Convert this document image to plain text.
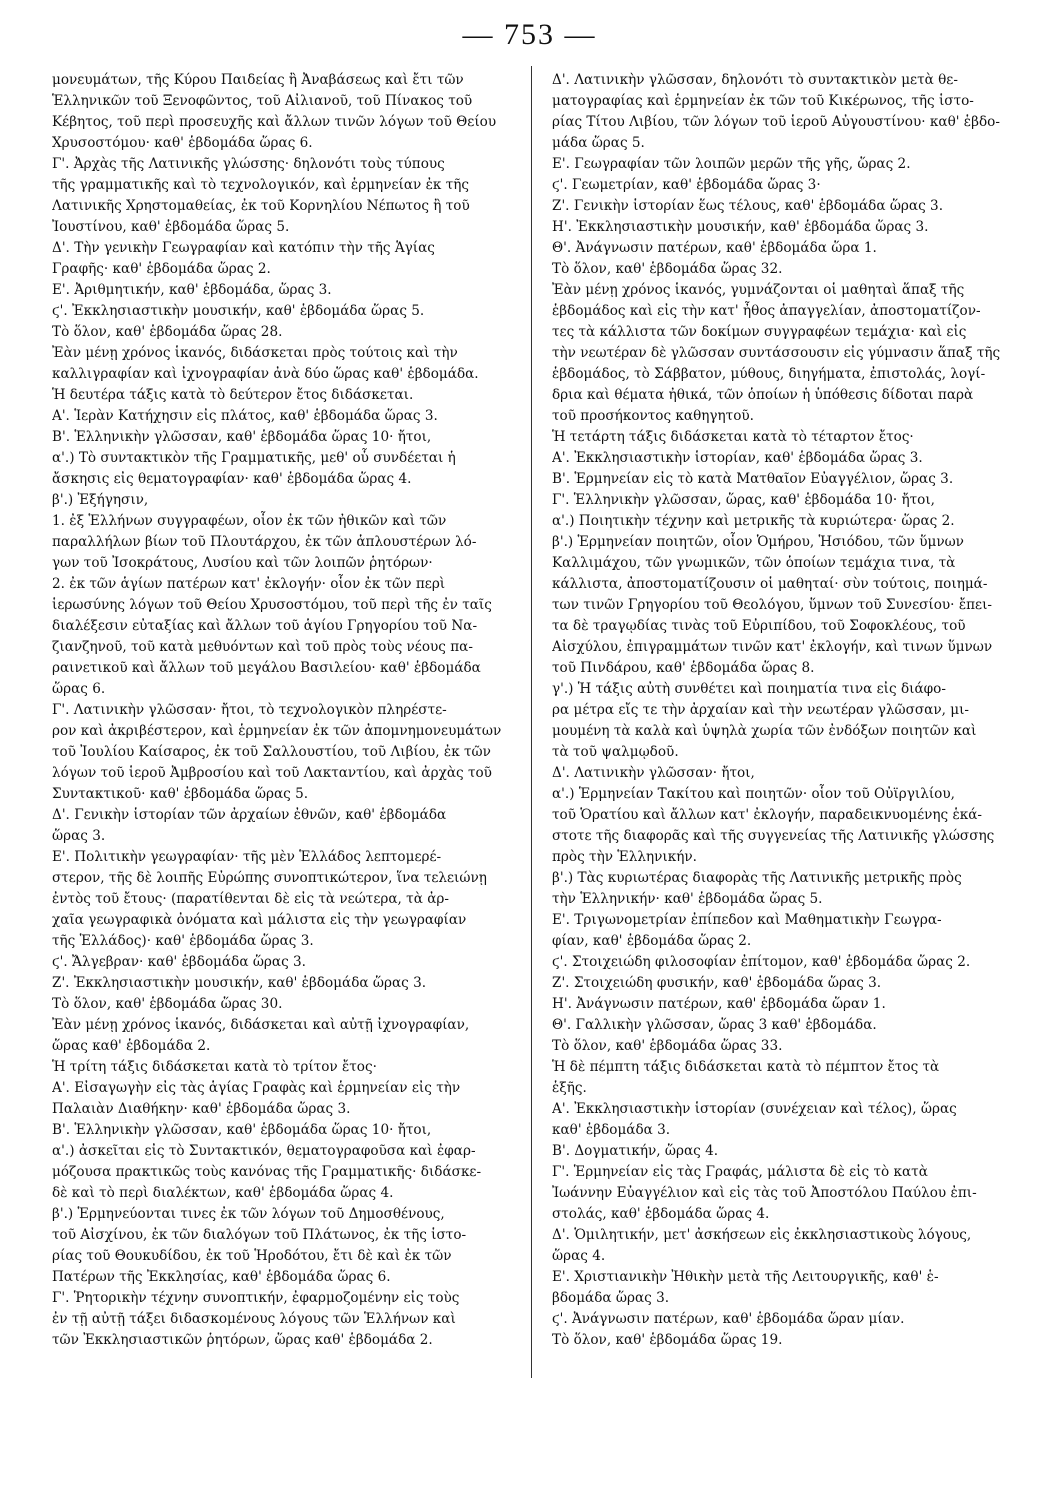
— 753 —
μονευμάτων, τῆς Κύρου Παιδείας ἢ Ἀναβάσεως καὶ ἔτι τῶν
Ἑλληνικῶν τοῦ Ξενοφῶντος, τοῦ Αἰλιανοῦ, τοῦ Πίνακος τοῦ
Κέβητος, τοῦ περὶ προσευχῆς καὶ ἄλλων τινῶν λόγων τοῦ Θείου
Χρυσοστόμου· καθ' ἑβδομάδα ὥρας 6.
Γ'. Ἀρχὰς τῆς Λατινικῆς γλώσσης· δηλονότι τοὺς τύπους
τῆς γραμματικῆς καὶ τὸ τεχνολογικόν, καὶ ἑρμηνείαν ἐκ τῆς
Λατινικῆς Χρηστομαθείας, ἐκ τοῦ Κορνηλίου Νέπωτος ἢ τοῦ
Ἰουστίνου, καθ' ἑβδομάδα ὥρας 5.
Δ'. Τὴν γενικὴν Γεωγραφίαν καὶ κατόπιν τὴν τῆς Ἁγίας
Γραφῆς· καθ' ἑβδομάδα ὥρας 2.
Ε'. Ἀριθμητικήν, καθ' ἑβδομάδα, ὥρας 3.
ϛ'. Ἐκκλησιαστικὴν μουσικήν, καθ' ἑβδομάδα ὥρας 5.
Τὸ ὅλον, καθ' ἑβδομάδα ὥρας 28.
Ἐὰν μένῃ χρόνος ἱκανός, διδάσκεται πρὸς τούτοις καὶ τὴν
καλλιγραφίαν καὶ ἰχνογραφίαν ἀνὰ δύο ὥρας καθ' ἑβδομάδα.
Ἡ δευτέρα τάξις κατὰ τὸ δεύτερον ἔτος διδάσκεται.
Α'. Ἱερὰν Κατήχησιν εἰς πλάτος, καθ' ἑβδομάδα ὥρας 3.
Β'. Ἑλληνικὴν γλῶσσαν, καθ' ἑβδομάδα ὥρας 10· ἤτοι,
α'.) Τὸ συντακτικὸν τῆς Γραμματικῆς, μεθ' οὗ συνδέεται ἡ
ἄσκησις εἰς θεματογραφίαν· καθ' ἑβδομάδα ὥρας 4.
β'.) Ἐξήγησιν,
1. ἐξ Ἑλλήνων συγγραφέων, οἷον ἐκ τῶν ἠθικῶν καὶ τῶν
παραλλήλων βίων τοῦ Πλουτάρχου, ἐκ τῶν ἁπλουστέρων λό-
γων τοῦ Ἰσοκράτους, Λυσίου καὶ τῶν λοιπῶν ῥητόρων·
2. ἐκ τῶν ἁγίων πατέρων κατ' ἐκλογήν· οἷον ἐκ τῶν περὶ
ἱερωσύνης λόγων τοῦ Θείου Χρυσοστόμου, τοῦ περὶ τῆς ἐν ταῖς
διαλέξεσιν εὐταξίας καὶ ἄλλων τοῦ ἁγίου Γρηγορίου τοῦ Να-
ζιανζηνοῦ, τοῦ κατὰ μεθυόντων καὶ τοῦ πρὸς τοὺς νέους πα-
ραινετικοῦ καὶ ἄλλων τοῦ μεγάλου Βασιλείου· καθ' ἑβδομάδα
ὥρας 6.
Γ'. Λατινικὴν γλῶσσαν· ἤτοι, τὸ τεχνολογικὸν πληρέστε-
ρον καὶ ἀκριβέστερον, καὶ ἑρμηνείαν ἐκ τῶν ἀπομνημονευμάτων
τοῦ Ἰουλίου Καίσαρος, ἐκ τοῦ Σαλλουστίου, τοῦ Λιβίου, ἐκ τῶν
λόγων τοῦ ἱεροῦ Ἀμβροσίου καὶ τοῦ Λακταντίου, καὶ ἀρχὰς τοῦ
Συντακτικοῦ· καθ' ἑβδομάδα ὥρας 5.
Δ'. Γενικὴν ἱστορίαν τῶν ἀρχαίων ἐθνῶν, καθ' ἑβδομάδα
ὥρας 3.
Ε'. Πολιτικὴν γεωγραφίαν· τῆς μὲν Ἑλλάδος λεπτομερέ-
στερον, τῆς δὲ λοιπῆς Εὐρώπης συνοπτικώτερον, ἵνα τελειώνῃ
ἐντὸς τοῦ ἔτους· (παρατίθενται δὲ εἰς τὰ νεώτερα, τὰ ἀρ-
χαῖα γεωγραφικὰ ὀνόματα καὶ μάλιστα εἰς τὴν γεωγραφίαν
τῆς Ἑλλάδος)· καθ' ἑβδομάδα ὥρας 3.
ϛ'. Ἄλγεβραν· καθ' ἑβδομάδα ὥρας 3.
Ζ'. Ἐκκλησιαστικὴν μουσικήν, καθ' ἑβδομάδα ὥρας 3.
Τὸ ὅλον, καθ' ἑβδομάδα ὥρας 30.
Ἐὰν μένῃ χρόνος ἱκανός, διδάσκεται καὶ αὐτῇ ἰχνογραφίαν,
ὥρας καθ' ἑβδομάδα 2.
Ἡ τρίτη τάξις διδάσκεται κατὰ τὸ τρίτον ἔτος·
Α'. Εἰσαγωγὴν εἰς τὰς ἁγίας Γραφὰς καὶ ἑρμηνείαν εἰς τὴν
Παλαιὰν Διαθήκην· καθ' ἑβδομάδα ὥρας 3.
Β'. Ἑλληνικὴν γλῶσσαν, καθ' ἑβδομάδα ὥρας 10· ἤτοι,
α'.) ἀσκεῖται εἰς τὸ Συντακτικόν, θεματογραφοῦσα καὶ ἐφαρ-
μόζουσα πρακτικῶς τοὺς κανόνας τῆς Γραμματικῆς· διδάσκε-
δὲ καὶ τὸ περὶ διαλέκτων, καθ' ἑβδομάδα ὥρας 4.
β'.) Ἑρμηνεύονται τινες ἐκ τῶν λόγων τοῦ Δημοσθένους,
τοῦ Αἰσχίνου, ἐκ τῶν διαλόγων τοῦ Πλάτωνος, ἐκ τῆς ἱστο-
ρίας τοῦ Θουκυδίδου, ἐκ τοῦ Ἡροδότου, ἔτι δὲ καὶ ἐκ τῶν
Πατέρων τῆς Ἐκκλησίας, καθ' ἑβδομάδα ὥρας 6.
Γ'. Ῥητορικὴν τέχνην συνοπτικήν, ἐφαρμοζομένην εἰς τοὺς
ἐν τῇ αὐτῇ τάξει διδασκομένους λόγους τῶν Ἑλλήνων καὶ
τῶν Ἐκκλησιαστικῶν ῥητόρων, ὥρας καθ' ἑβδομάδα 2.
Δ'. Λατινικὴν γλῶσσαν, δηλονότι τὸ συντακτικὸν μετὰ θε-
ματογραφίας καὶ ἑρμηνείαν ἐκ τῶν τοῦ Κικέρωνος, τῆς ἱστο-
ρίας Τίτου Λιβίου, τῶν λόγων τοῦ ἱεροῦ Αὐγουστίνου· καθ' ἑβδο-
μάδα ὥρας 5.
Ε'. Γεωγραφίαν τῶν λοιπῶν μερῶν τῆς γῆς, ὥρας 2.
ϛ'. Γεωμετρίαν, καθ' ἑβδομάδα ὥρας 3·
Ζ'. Γενικὴν ἱστορίαν ἕως τέλους, καθ' ἑβδομάδα ὥρας 3.
Η'. Ἐκκλησιαστικὴν μουσικήν, καθ' ἑβδομάδα ὥρας 3.
Θ'. Ἀνάγνωσιν πατέρων, καθ' ἑβδομάδα ὥρα 1.
Τὸ ὅλον, καθ' ἑβδομάδα ὥρας 32.
Ἐὰν μένῃ χρόνος ἱκανός, γυμνάζονται οἱ μαθηταὶ ἅπαξ τῆς
ἑβδομάδος καὶ εἰς τὴν κατ' ἦθος ἀπαγγελίαν, ἀποστοματίζον-
τες τὰ κάλλιστα τῶν δοκίμων συγγραφέων τεμάχια· καὶ εἰς
τὴν νεωτέραν δὲ γλῶσσαν συντάσσουσιν εἰς γύμνασιν ἅπαξ τῆς
ἑβδομάδος, τὸ Σάββατον, μύθους, διηγήματα, ἐπιστολάς, λογί-
δρια καὶ θέματα ἠθικά, τῶν ὁποίων ἡ ὑπόθεσις δίδοται παρὰ
τοῦ προσήκοντος καθηγητοῦ.
Ἡ τετάρτη τάξις διδάσκεται κατὰ τὸ τέταρτον ἔτος·
Α'. Ἐκκλησιαστικὴν ἱστορίαν, καθ' ἑβδομάδα ὥρας 3.
Β'. Ἑρμηνείαν εἰς τὸ κατὰ Ματθαῖον Εὐαγγέλιον, ὥρας 3.
Γ'. Ἑλληνικὴν γλῶσσαν, ὥρας, καθ' ἑβδομάδα 10· ἤτοι,
α'.) Ποιητικὴν τέχνην καὶ μετρικῆς τὰ κυριώτερα· ὥρας 2.
β'.) Ἑρμηνείαν ποιητῶν, οἷον Ὁμήρου, Ἡσιόδου, τῶν ὕμνων
Καλλιμάχου, τῶν γνωμικῶν, τῶν ὁποίων τεμάχια τινα, τὰ
κάλλιστα, ἀποστοματίζουσιν οἱ μαθηταί· σὺν τούτοις, ποιημά-
των τινῶν Γρηγορίου τοῦ Θεολόγου, ὕμνων τοῦ Συνεσίου· ἔπει-
τα δὲ τραγῳδίας τινὰς τοῦ Εὐριπίδου, τοῦ Σοφοκλέους, τοῦ
Αἰσχύλου, ἐπιγραμμάτων τινῶν κατ' ἐκλογήν, καὶ τινων ὕμνων
τοῦ Πινδάρου, καθ' ἑβδομάδα ὥρας 8.
γ'.) Ἡ τάξις αὐτὴ συνθέτει καὶ ποιηματία τινα εἰς διάφο-
ρα μέτρα εἴς τε τὴν ἀρχαίαν καὶ τὴν νεωτέραν γλῶσσαν, μι-
μουμένη τὰ καλὰ καὶ ὑψηλὰ χωρία τῶν ἐνδόξων ποιητῶν καὶ
τὰ τοῦ ψαλμῳδοῦ.
Δ'. Λατινικὴν γλῶσσαν· ἤτοι,
α'.) Ἑρμηνείαν Τακίτου καὶ ποιητῶν· οἷον τοῦ Οὐϊργιλίου,
τοῦ Ὁρατίου καὶ ἄλλων κατ' ἐκλογήν, παραδεικνυομένης ἑκά-
στοτε τῆς διαφορᾶς καὶ τῆς συγγενείας τῆς Λατινικῆς γλώσσης
πρὸς τὴν Ἑλληνικήν.
β'.) Τὰς κυριωτέρας διαφορὰς τῆς Λατινικῆς μετρικῆς πρὸς
τὴν Ἑλληνικήν· καθ' ἑβδομάδα ὥρας 5.
Ε'. Τριγωνομετρίαν ἐπίπεδον καὶ Μαθηματικὴν Γεωγρα-
φίαν, καθ' ἑβδομάδα ὥρας 2.
ϛ'. Στοιχειώδη φιλοσοφίαν ἐπίτομον, καθ' ἑβδομάδα ὥρας 2.
Ζ'. Στοιχειώδη φυσικήν, καθ' ἑβδομάδα ὥρας 3.
Η'. Ἀνάγνωσιν πατέρων, καθ' ἑβδομάδα ὥραν 1.
Θ'. Γαλλικὴν γλῶσσαν, ὥρας 3 καθ' ἑβδομάδα.
Τὸ ὅλον, καθ' ἑβδομάδα ὥρας 33.
Ἡ δὲ πέμπτη τάξις διδάσκεται κατὰ τὸ πέμπτον ἔτος τὰ
ἑξῆς.
Α'. Ἐκκλησιαστικὴν ἱστορίαν (συνέχειαν καὶ τέλος), ὥρας
καθ' ἑβδομάδα 3.
Β'. Δογματικήν, ὥρας 4.
Γ'. Ἑρμηνείαν εἰς τὰς Γραφάς, μάλιστα δὲ εἰς τὸ κατὰ
Ἰωάννην Εὐαγγέλιον καὶ εἰς τὰς τοῦ Ἀποστόλου Παύλου ἐπι-
στολάς, καθ' ἑβδομάδα ὥρας 4.
Δ'. Ὁμιλητικήν, μετ' ἀσκήσεων εἰς ἐκκλησιαστικοὺς λόγους,
ὥρας 4.
Ε'. Χριστιανικὴν Ἠθικὴν μετὰ τῆς Λειτουργικῆς, καθ' ἑ-
βδομάδα ὥρας 3.
ϛ'. Ἀνάγνωσιν πατέρων, καθ' ἑβδομάδα ὥραν μίαν.
Τὸ ὅλον, καθ' ἑβδομάδα ὥρας 19.
